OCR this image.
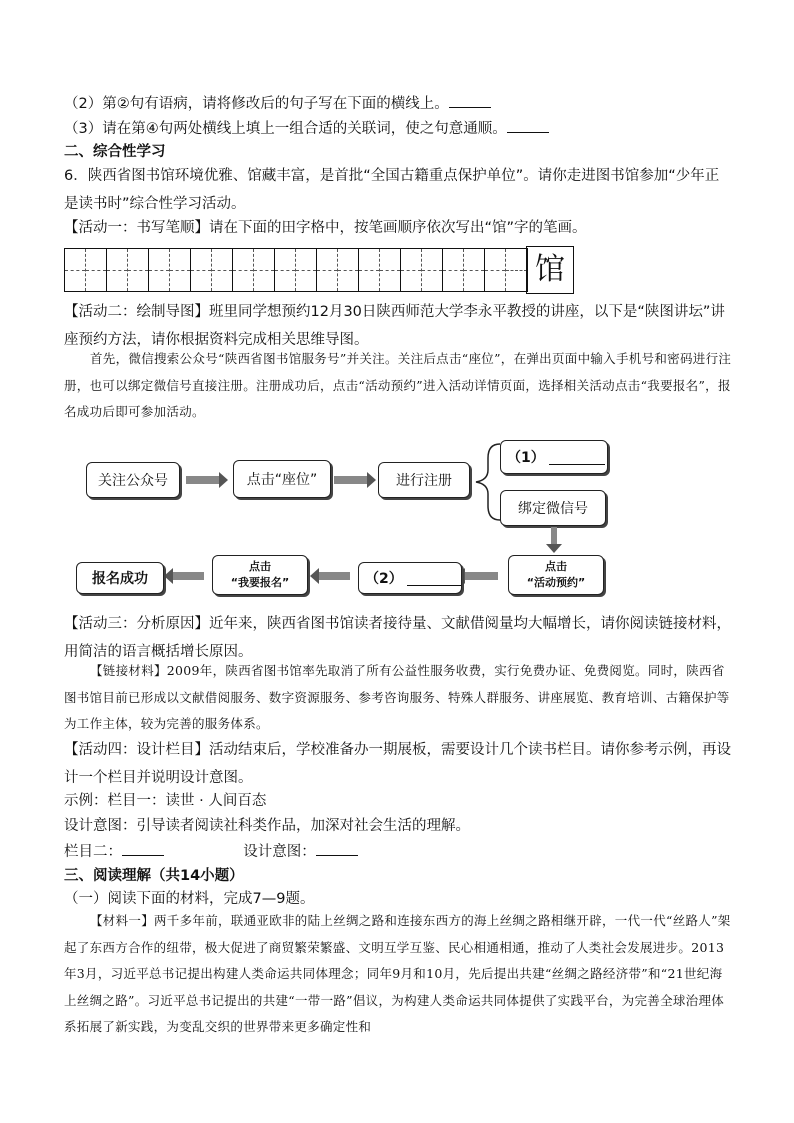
（2）第②句有语病，请将修改后的句子写在下面的横线上。
（3）请在第④句两处横线上填上一组合适的关联词，使之句意通顺。
二、综合性学习
6．陕西省图书馆环境优雅、馆藏丰富，是首批“全国古籍重点保护单位”。请你走进图书馆参加“少年正是读书时”综合性学习活动。
【活动一：书写笔顺】请在下面的田字格中，按笔画顺序依次写出“馆”字的笔画。
馆
【活动二：绘制导图】班里同学想预约12月30日陕西师范大学李永平教授的讲座，以下是“陕图讲坛”讲座预约方法，请你根据资料完成相关思维导图。
首先，微信搜索公众号“陕西省图书馆服务号”并关注。关注后点击“座位”，在弹出页面中输入手机号和密码进行注册，也可以绑定微信号直接注册。注册成功后，点击“活动预约”进入活动详情页面，选择相关活动点击“我要报名”，报名成功后即可参加活动。
关注公众号	点击“座位”	进行注册
（1）
绑定微信号
点击
“活动预约”
（2）
点击
“我要报名”
报名成功
【活动三：分析原因】近年来，陕西省图书馆读者接待量、文献借阅量均大幅增长，请你阅读链接材料，用简洁的语言概括增长原因。
【链接材料】2009年，陕西省图书馆率先取消了所有公益性服务收费，实行免费办证、免费阅览。同时，陕西省图书馆目前已形成以文献借阅服务、数字资源服务、参考咨询服务、特殊人群服务、讲座展览、教育培训、古籍保护等为工作主体，较为完善的服务体系。
【活动四：设计栏目】活动结束后，学校准备办一期展板，需要设计几个读书栏目。请你参考示例，再设计一个栏目并说明设计意图。
示例：栏目一：读世 · 人间百态
设计意图：引导读者阅读社科类作品，加深对社会生活的理解。
栏目二：	设计意图：
三、阅读理解（共14小题）
（一）阅读下面的材料，完成7—9题。
【材料一】两千多年前，联通亚欧非的陆上丝绸之路和连接东西方的海上丝绸之路相继开辟，一代一代“丝路人”架起了东西方合作的纽带，极大促进了商贸繁荣繁盛、文明互学互鉴、民心相通相通，推动了人类社会发展进步。2013年3月，习近平总书记提出构建人类命运共同体理念；同年9月和10月，先后提出共建“丝绸之路经济带”和“21世纪海上丝绸之路”。习近平总书记提出的共建“一带一路”倡议，为构建人类命运共同体提供了实践平台，为完善全球治理体系拓展了新实践，为变乱交织的世界带来更多确定性和
